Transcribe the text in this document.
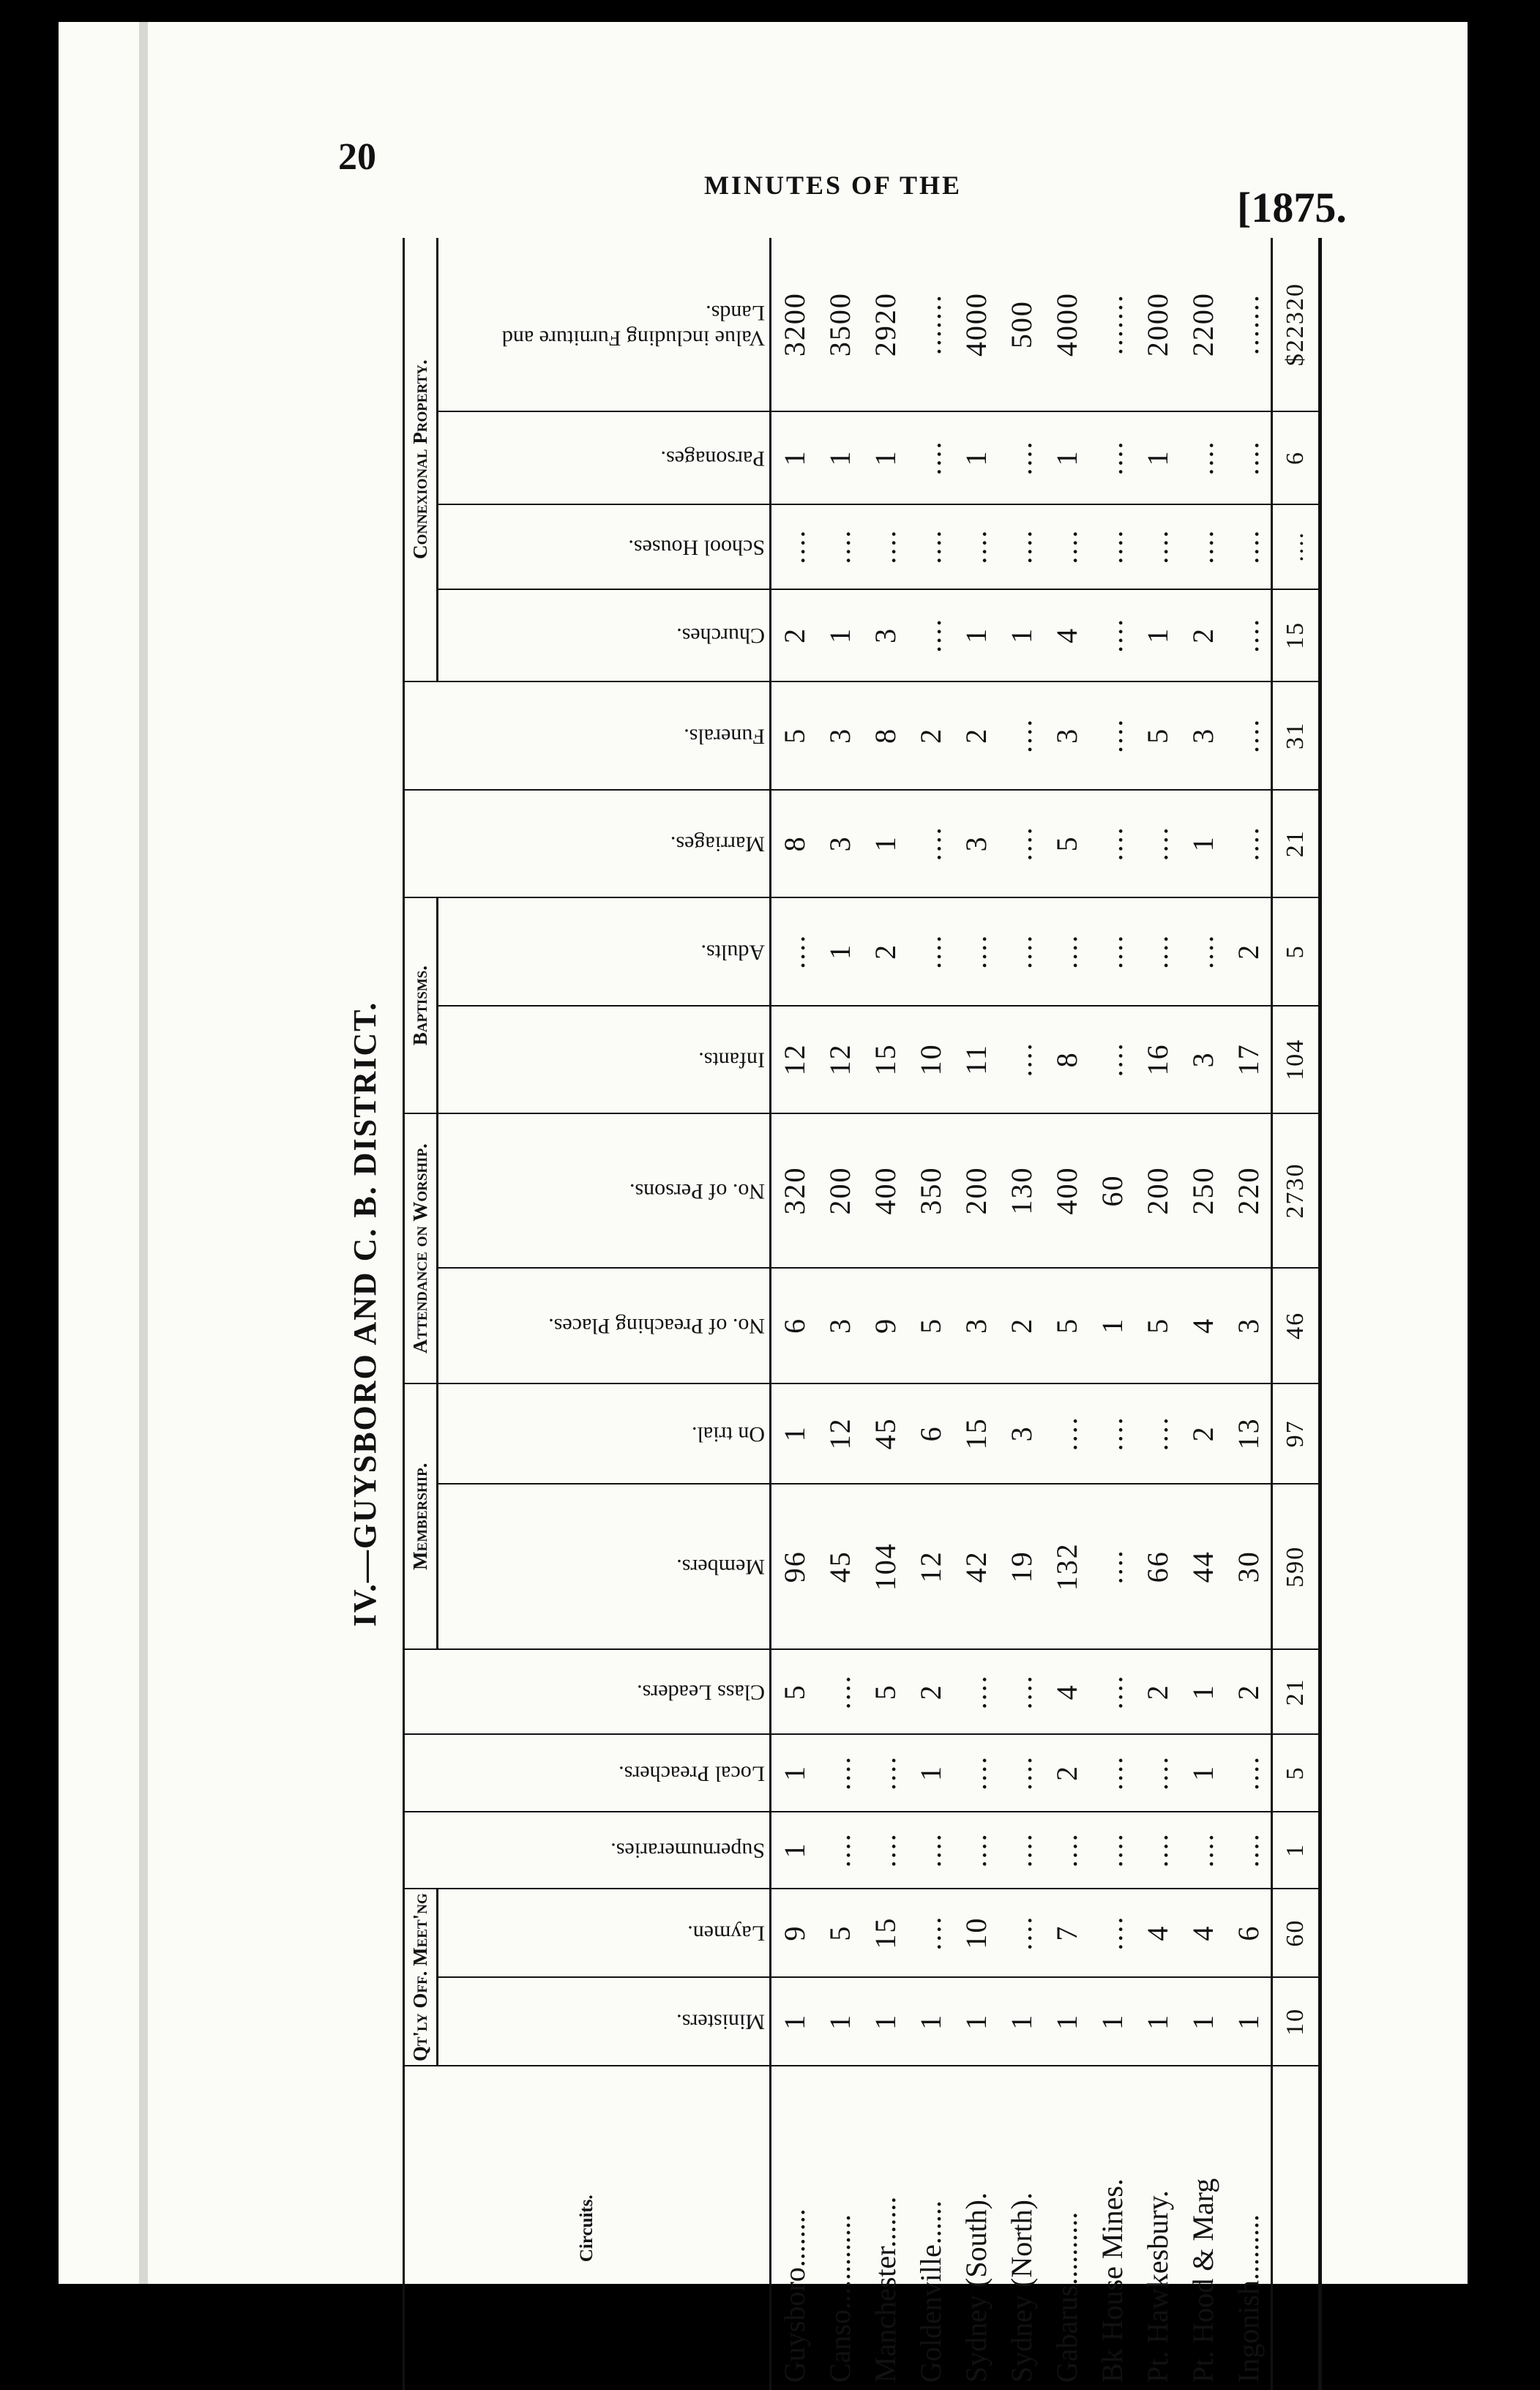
20
MINUTES OF THE	[1875.
IV.—GUYSBORO AND C. B. DISTRICT.
Circuits.	Qt'ly Off. Meet'ng		Supernumeraries.	Local Preachers.	Class Leaders.	Membership.		Attendance on Worship.		Baptisms.		Marriages.	Funerals.	Connexional Property.			
	Ministers.	Laymen.				Members.	On trial.	No. of Preaching Places.	No. of Persons.	Infants.	Adults.			Churches.	School Houses.	Parsonages.	Value including Furniture and Lands.
Guysboro........	1	9	1	1	5	96	1	6	320	12	....	8	5	2	....	1	3200
Canso.............	1	5	....	....	....	45	12	3	200	12	1	3	3	1	....	1	3500
Manchester.......	1	15	....	....	5	104	45	9	400	15	2	1	8	3	....	1	2920
Goldenville......	1	....	....	1	2	12	6	5	350	10	....	....	2	....	....	....	.......
Sydney (South).	1	10	....	....	....	42	15	3	200	11	....	3	2	1	....	1	4000
Sydney (North).	1	....	....	....	....	19	3	2	130	....	....	....	....	1	....	....	500
Gabarus..........	1	7	....	2	4	132	....	5	400	8	....	5	3	4	....	1	4000
Bk House Mines.	1	....	....	....	....	....	....	1	60	....	....	....	....	....	....	....	.......
Pt. Hawkesbury.	1	4	....	....	2	66	....	5	200	16	....	....	5	1	....	1	2000
Pt. Hood & Marg	1	4	....	1	1	44	2	4	250	3	....	1	3	2	....	....	2200
Ingonish.........	1	6	....	....	2	30	13	3	220	17	2	....	....	....	....	....	.......
	10	60	1	5	21	590	97	46	2730	104	5	21	31	15	....	6	$22320
